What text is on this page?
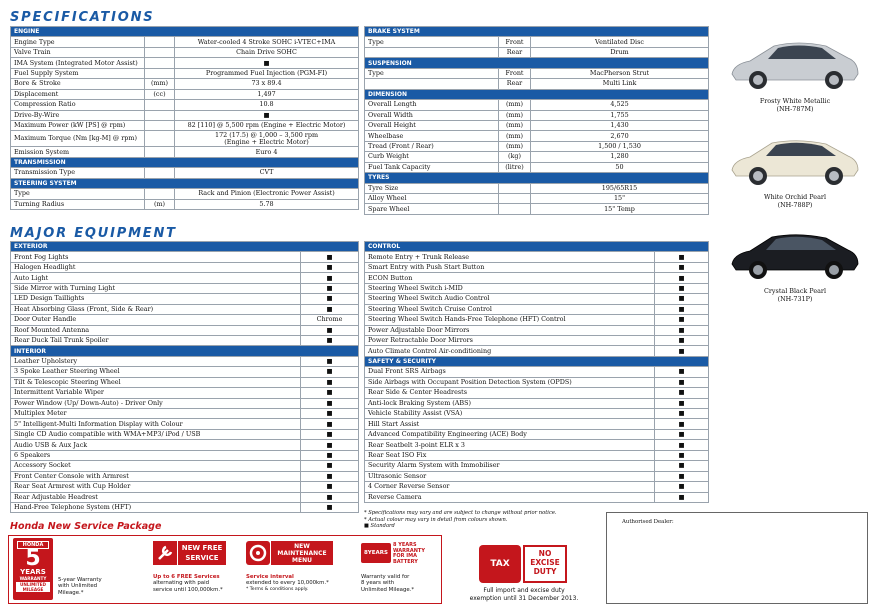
SPECIFICATIONS
MAJOR EQUIPMENT
ENGINE		
Engine Type		Water-cooled 4 Stroke SOHC i-VTEC+IMA
Valve Train		Chain Drive SOHC
IMA System (Integrated Motor Assist)		■
Fuel Supply System		Programmed Fuel Injection (PGM-FI)
Bore & Stroke	(mm)	73 x 89.4
Displacement	(cc)	1,497
Compression Ratio		10.8
Drive-By-Wire		■
Maximum Power (kW [PS] @ rpm)		82 [110] @ 5,500 rpm (Engine + Electric Motor)
Maximum Torque (Nm [kg-M] @ rpm)		172 (17.5) @ 1,000 – 3,500 rpm
(Engine + Electric Motor)

Emission System		Euro 4
TRANSMISSION		
Transmission Type		CVT
STEERING SYSTEM		
Type		Rack and Pinion (Electronic Power Assist)
Turning Radius	(m)	5.78
BRAKE SYSTEM		
Type	Front	Ventilated Disc
	Rear	Drum
SUSPENSION		
Type	Front	MacPherson Strut
	Rear	Multi Link
DIMENSION		
Overall Length	(mm)	4,525
Overall Width	(mm)	1,755
Overall Height	(mm)	1,430
Wheelbase	(mm)	2,670
Tread (Front / Rear)	(mm)	1,500 / 1,530
Curb Weight	(kg)	1,280
Fuel Tank Capacity	(litre)	50
TYRES		
Tyre Size		195/65R15
Alloy Wheel		15"
Spare Wheel		15" Temp
EXTERIOR	
Front Fog Lights	■
Halogen Headlight	■
Auto Light	■
Side Mirror with Turning Light	■
LED Design Taillights	■
Heat Absorbing Glass (Front, Side & Rear)	■
Door Outer Handle	Chrome
Roof Mounted Antenna	■
Rear Duck Tail Trunk Spoiler	■
INTERIOR	
Leather Upholstery	■
3 Spoke Leather Steering Wheel	■
Tilt & Telescopic Steering Wheel	■
Intermittent Variable Wiper	■
Power Window (Up/ Down-Auto) - Driver Only	■
Multiplex Meter	■
5" Intelligent-Multi Information Display with Colour	■
Single CD Audio compatible with WMA+MP3/ iPod / USB	■
Audio USB & Aux Jack	■
6 Speakers	■
Accessory Socket	■
Front Center Console with Armrest	■
Rear Seat Armrest with Cup Holder	■
Rear Adjustable Headrest	■
Hand-Free Telephone System (HFT)	■
CONTROL	
Remote Entry + Trunk Release	■
Smart Entry with Push Start Button	■
ECON Button	■
Steering Wheel Switch i-MID	■
Steering Wheel Switch Audio Control	■
Steering Wheel Switch Cruise Control	■
Steering Wheel Switch Hands-Free Telephone (HFT) Control	■
Power Adjustable Door Mirrors	■
Power Retractable Door Mirrors	■
Auto Climate Control Air-conditioning	■
SAFETY & SECURITY	
Dual Front SRS Airbags	■
Side Airbags with Occupant Position Detection System (OPDS)	■
Rear Side & Center Headrests	■
Anti-lock Braking System (ABS)	■
Vehicle Stability Assist (VSA)	■
Hill Start Assist	■
Advanced Compatibility Engineering (ACE) Body	■
Rear Seatbelt 3-point ELR x 3	■
Rear Seat ISO Fix	■
Security Alarm System with Immobiliser	■
Ultrasonic Sensor	■
4 Corner Reverse Sensor	■
Reverse Camera	■
Frosty White Metallic
(NH-787M)
White Orchid Pearl
(NH-788P)
Crystal Black Pearl
(NH-731P)
* Specifications may vary and are subject to change without prior notice.
* Actual colour may vary in detail from colours shown.
■ Standard
Authorised Dealer:
Honda New Service Package
HONDA
5
YEARS
WARRANTY
UNLIMITED
MILEAGE
5-year Warranty
with Unlimited
Mileage.*
NEW FREE
SERVICE
Up to 6 FREE Services
alternating with paid
service until 100,000km.*
NEW
MAINTENANCE
MENU
Service interval
extended to every 10,000km.*
* Terms & conditions apply.
8YEARS
8 YEARS
WARRANTY
FOR IMA
BATTERY
Warranty valid for
8 years with
Unlimited Mileage.*
TAX
NO
EXCISE
DUTY
Full import and excise duty
exemption until 31 December 2013.
